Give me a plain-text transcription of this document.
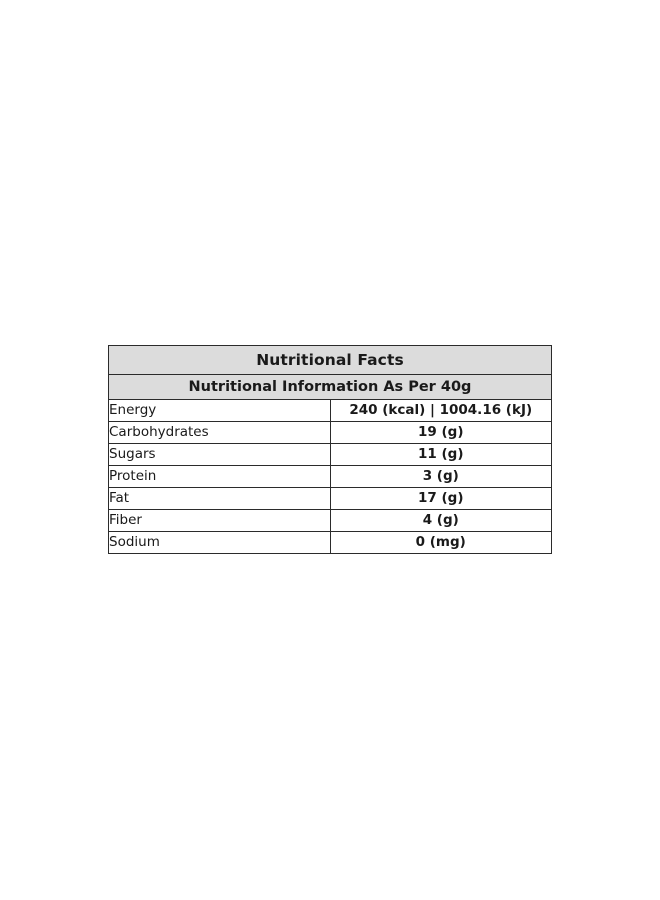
Nutritional Facts	
Nutritional Information As Per 40g	
Energy	240 (kcal) | 1004.16 (kJ)
Carbohydrates	19 (g)
Sugars	11 (g)
Protein	3 (g)
Fat	17 (g)
Fiber	4 (g)
Sodium	0 (mg)
